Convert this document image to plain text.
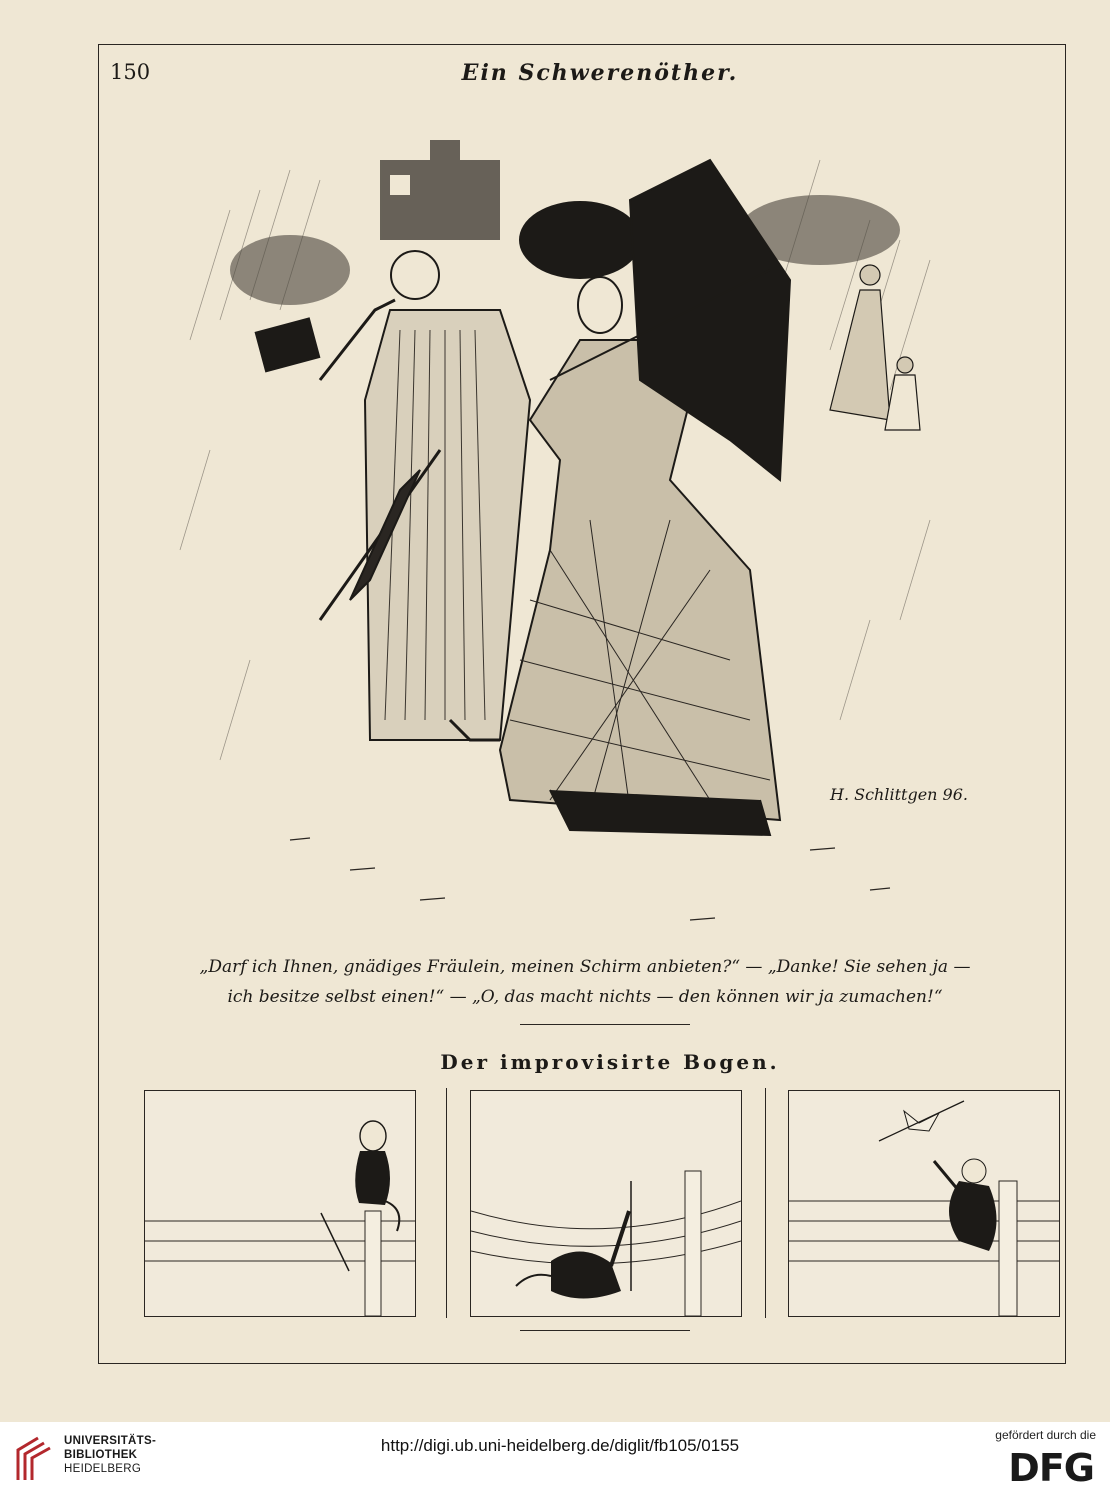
150	Ein Schwerenöther.
H. Schlittgen 96.
„Darf ich Ihnen, gnädiges Fräulein, meinen Schirm anbieten?“ — „Danke! Sie sehen ja —
ich besitze selbst einen!“ — „O, das macht nichts — den können wir ja zumachen!“
Der improvisirte Bogen.
UNIVERSITÄTS-
BIBLIOTHEK
HEIDELBERG
http://digi.ub.uni-heidelberg.de/diglit/fb105/0155
gefördert durch die
DFG
